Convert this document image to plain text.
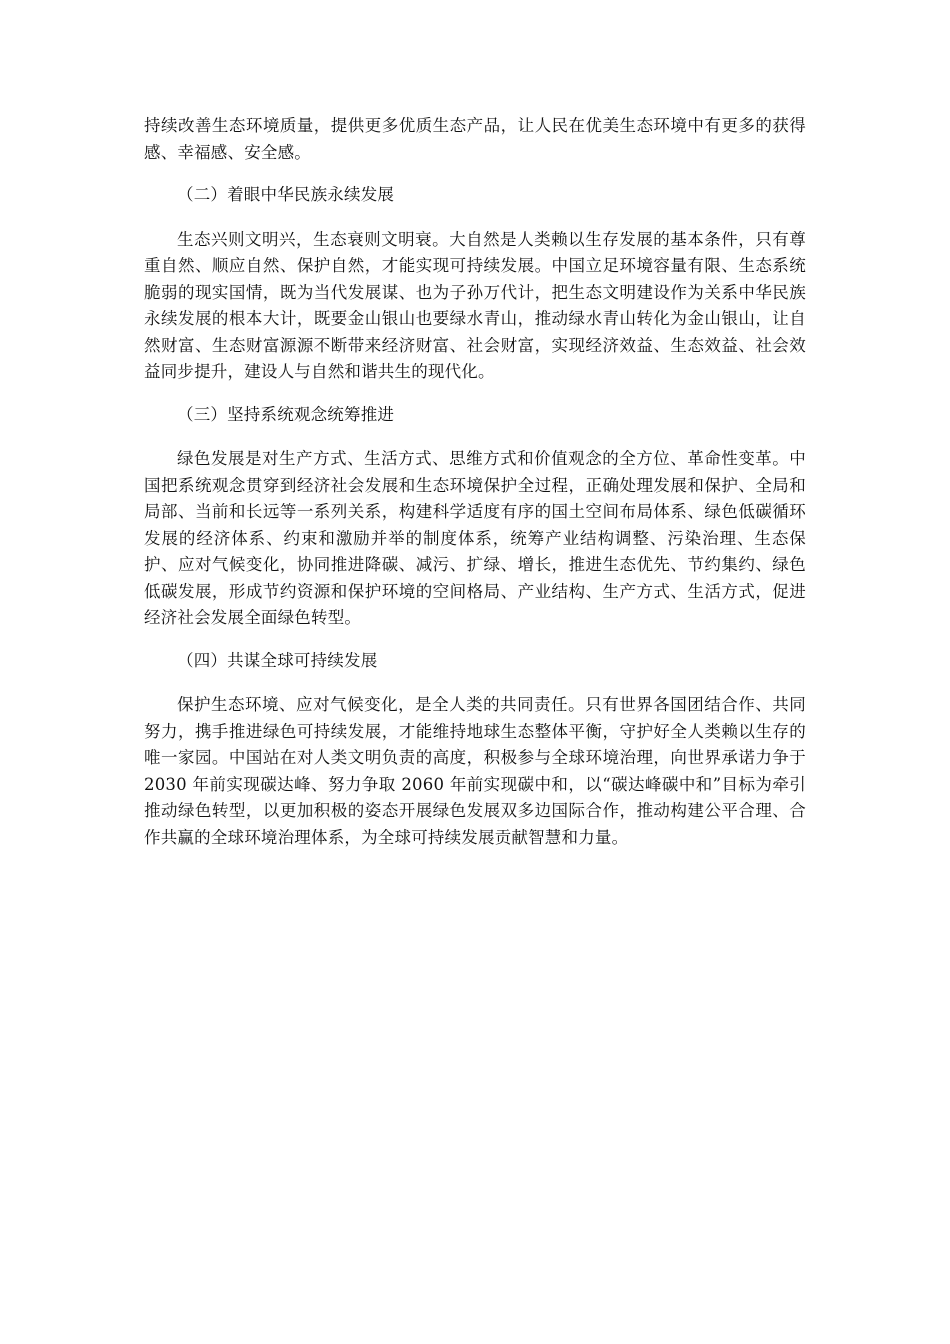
持续改善生态环境质量，提供更多优质生态产品，让人民在优美生态环境中有更多的获得感、幸福感、安全感。

（二）着眼中华民族永续发展

生态兴则文明兴，生态衰则文明衰。大自然是人类赖以生存发展的基本条件，只有尊重自然、顺应自然、保护自然，才能实现可持续发展。中国立足环境容量有限、生态系统脆弱的现实国情，既为当代发展谋、也为子孙万代计，把生态文明建设作为关系中华民族永续发展的根本大计，既要金山银山也要绿水青山，推动绿水青山转化为金山银山，让自然财富、生态财富源源不断带来经济财富、社会财富，实现经济效益、生态效益、社会效益同步提升，建设人与自然和谐共生的现代化。

（三）坚持系统观念统筹推进

绿色发展是对生产方式、生活方式、思维方式和价值观念的全方位、革命性变革。中国把系统观念贯穿到经济社会发展和生态环境保护全过程，正确处理发展和保护、全局和局部、当前和长远等一系列关系，构建科学适度有序的国土空间布局体系、绿色低碳循环发展的经济体系、约束和激励并举的制度体系，统筹产业结构调整、污染治理、生态保护、应对气候变化，协同推进降碳、减污、扩绿、增长，推进生态优先、节约集约、绿色低碳发展，形成节约资源和保护环境的空间格局、产业结构、生产方式、生活方式，促进经济社会发展全面绿色转型。

（四）共谋全球可持续发展

保护生态环境、应对气候变化，是全人类的共同责任。只有世界各国团结合作、共同努力，携手推进绿色可持续发展，才能维持地球生态整体平衡，守护好全人类赖以生存的唯一家园。中国站在对人类文明负责的高度，积极参与全球环境治理，向世界承诺力争于 2030 年前实现碳达峰、努力争取 2060 年前实现碳中和，以“碳达峰碳中和”目标为牵引推动绿色转型，以更加积极的姿态开展绿色发展双多边国际合作，推动构建公平合理、合作共赢的全球环境治理体系，为全球可持续发展贡献智慧和力量。
